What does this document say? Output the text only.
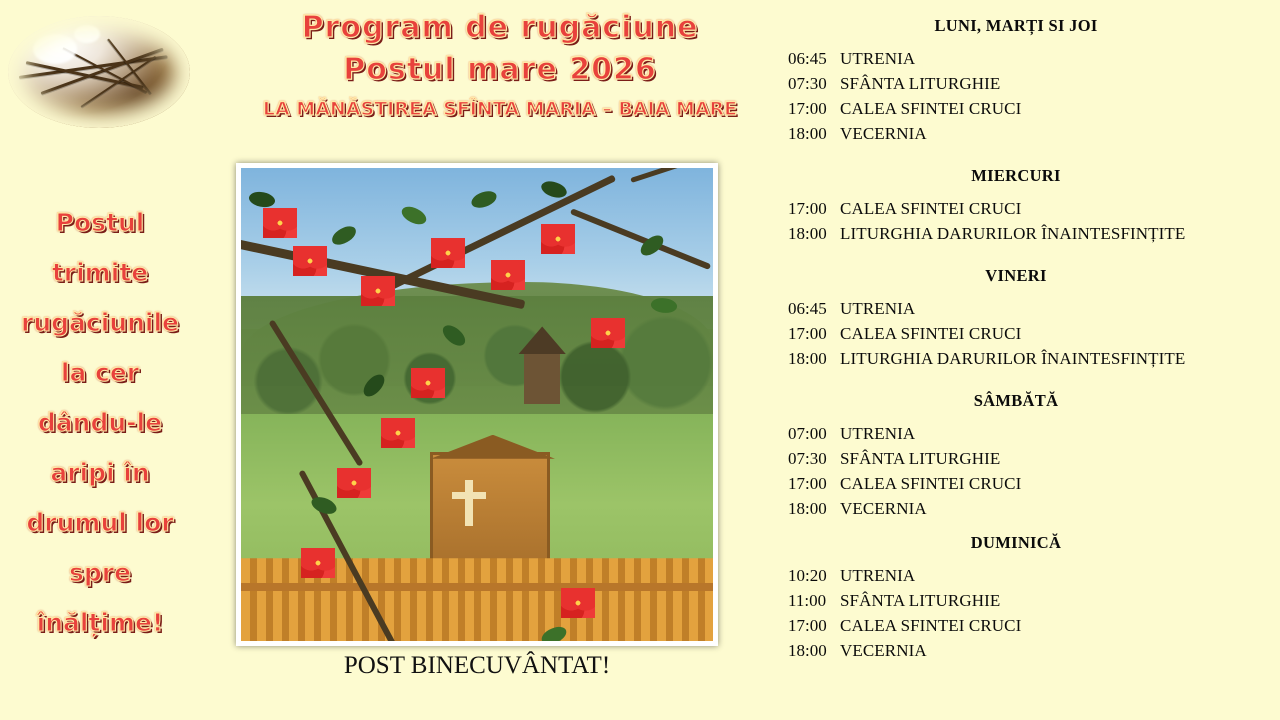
Program de rugăciune
Postul mare 2026
LA MĂNĂSTIREA SFÎNTA MARIA – BAIA MARE
Postul
trimite
rugăciunile
la cer
dându-le
aripi în
drumul lor
spre
înălțime!
POST BINECUVÂNTAT!
LUNI, MARȚI SI JOI
06:45 UTRENIA
07:30 SFÂNTA LITURGHIE
17:00 CALEA SFINTEI CRUCI
18:00 VECERNIA
MIERCURI
17:00 CALEA SFINTEI CRUCI
18:00 LITURGHIA DARURILOR ÎNAINTESFINȚITE
VINERI
06:45 UTRENIA
17:00 CALEA SFINTEI CRUCI
18:00 LITURGHIA DARURILOR ÎNAINTESFINȚITE
SÂMBĂTĂ
07:00 UTRENIA
07:30 SFÂNTA LITURGHIE
17:00 CALEA SFINTEI CRUCI
18:00 VECERNIA
DUMINICĂ
10:20 UTRENIA
11:00 SFÂNTA LITURGHIE
17:00 CALEA SFINTEI CRUCI
18:00 VECERNIA
